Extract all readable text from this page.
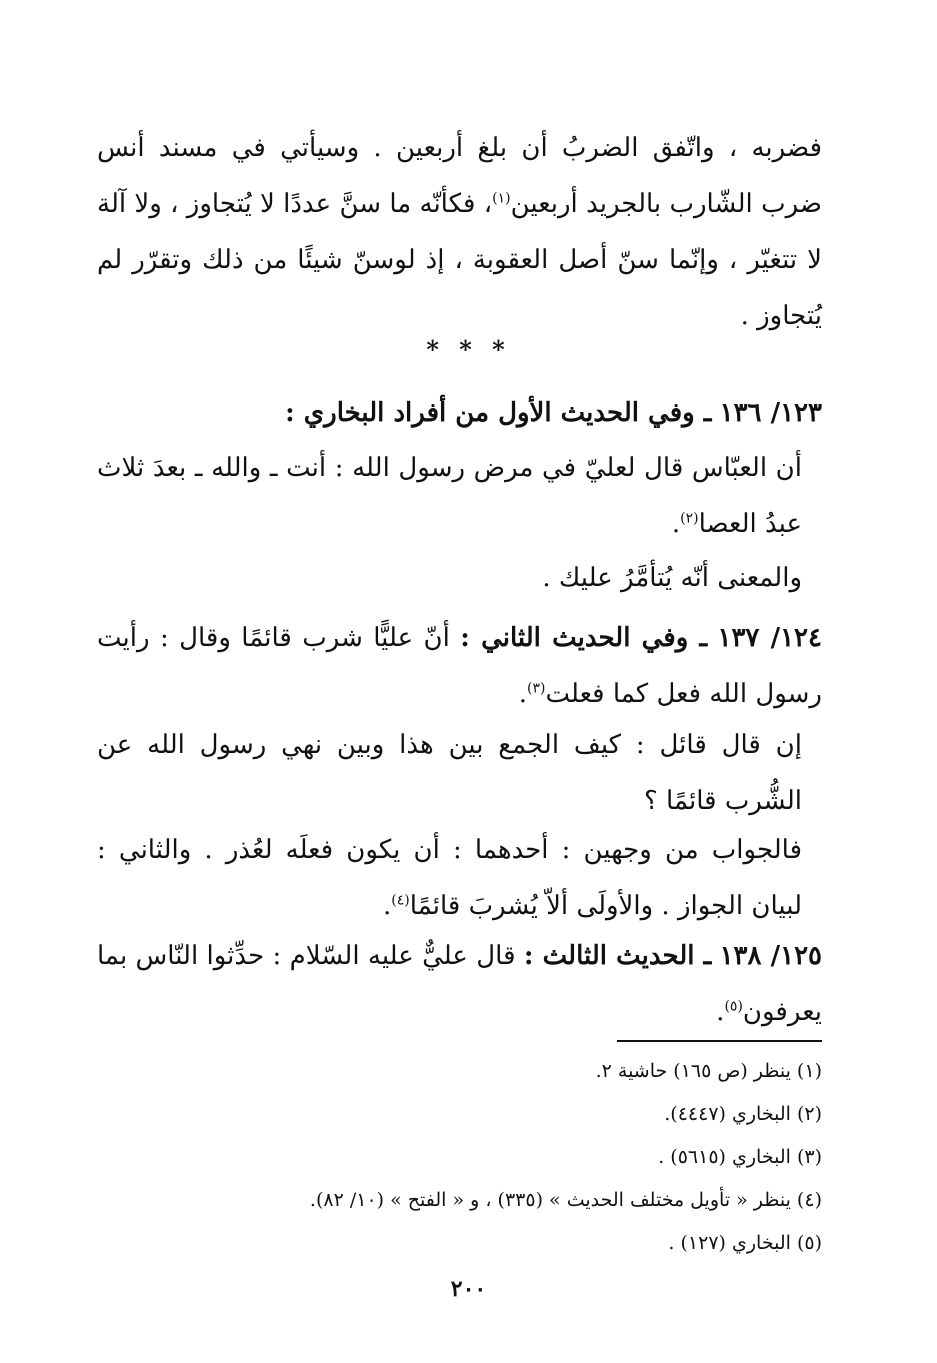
فضربه ، واتّفق الضربُ أن بلغ أربعين . وسيأتي في مسند أنس ضرب الشّارب بالجريد أربعين$^{(١)}$، فكأنّه ما سنَّ عددًا لا يُتجاوز ، ولا آلة لا تتغيّر ، وإنّما سنّ أصل العقوبة ، إذ لوسنّ شيئًا من ذلك وتقرّر لم يُتجاوز .
* * *
١٢٣/ ١٣٦ ـ وفي الحديث الأول من أفراد البخاري :
أن العبّاس قال لعليّ في مرض رسول الله : أنت ـ والله ـ بعدَ ثلاث عبدُ العصا$^{(٢)}$.
والمعنى أنّه يُتأمَّرُ عليك .
١٢٤/ ١٣٧ ـ وفي الحديث الثاني : أنّ عليًّا شرب قائمًا وقال : رأيت رسول الله فعل كما فعلت$^{(٣)}$.
إن قال قائل : كيف الجمع بين هذا وبين نهي رسول الله عن الشُّرب قائمًا ؟
فالجواب من وجهين : أحدهما : أن يكون فعلَه لعُذر . والثاني : لبيان الجواز . والأولَى ألاّ يُشربَ قائمًا$^{(٤)}$.
١٢٥/ ١٣٨ ـ الحديث الثالث : قال عليٌّ عليه السّلام : حدِّثوا النّاس بما يعرفون$^{(٥)}$.
(١) ينظر (ص ١٦٥) حاشية ٢.
(٢) البخاري (٤٤٤٧).
(٣) البخاري (٥٦١٥) .
(٤) ينظر « تأويل مختلف الحديث » (٣٣٥) ، و « الفتح » (١٠/ ٨٢).
(٥) البخاري (١٢٧) .
٢٠٠
